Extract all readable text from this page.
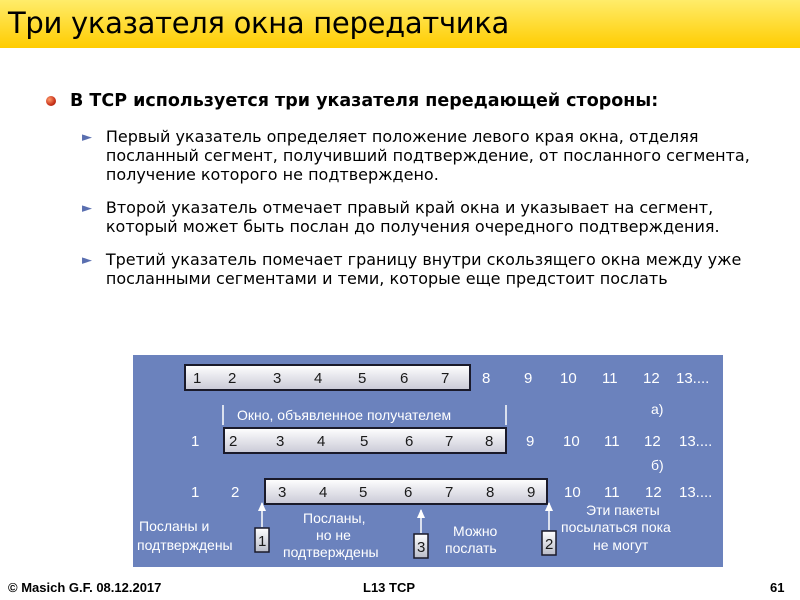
Три указателя окна передатчика
В TCP используется три указателя передающей стороны:
► Первый указатель определяет положение левого края окна, отделяя посланный сегмент, получивший подтверждение, от посланного сегмента, получение которого не подтверждено.
► Второй указатель отмечает правый край окна и указывает на сегмент, который может быть послан до получения очередного подтверждения.
► Третий указатель помечает границу внутри скользящего окна между уже посланными сегментами и теми, которые еще предстоит послать
1 2 3 4 5 6 7 8 9 10 11 12 13....
Окно, объявленное получателем	а)
1 2	3 4 5 6 7 8 9 10 11 12 13....
б)
1 2	3 4 5 6 7 8 9 10 11 12 13....
1	3	2
Посланы и
подтверждены
Посланы,
но не
подтверждены
Можно
послать
Эти пакеты
посылаться пока
не могут
© Masich G.F. 08.12.2017	L13 TCP	61
